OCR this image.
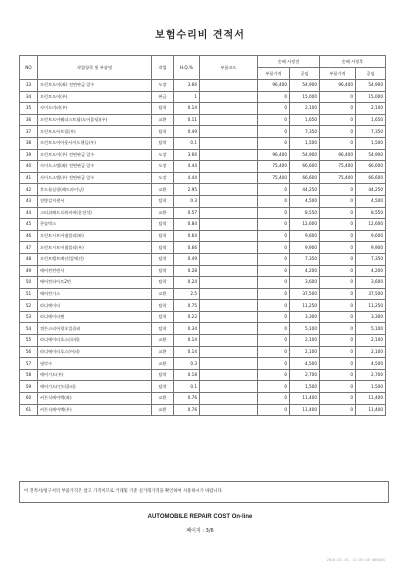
보험수리비 견적서
NO	작업항목 및 부품명	작업	H.Q.%	부품코드	손해 사정전		손해 사정후	
					부품가격	공임	부품가격	공임
33	프런트도어(좌) 전면판금 앞수	도장	3.66		96,400	54,900	96,400	54,900
34	프런트도어(우)	판금	1		0	15,000	0	15,000
35	사이드미러(우)	탈착	0.14		0	2,100	0	2,100
36	프런트도어웨더스트립(도어몰딩)(우)	교환	0.11		0	1,650	0	1,650
37	프런트도어트림(우)	탈착	0.49		0	7,350	0	7,350
38	프런트도어아웃사이드핸들(우)	탈착	0.1		0	1,500	0	1,500
39	프런트도어(우) 전면판금 앞수	도장	3.66		96,400	54,900	96,400	54,900
40	사이드스텝(좌) 전면판금 앞수	도장	4.44		75,400	66,600	75,400	66,600
41	사이드스텝(우) 전면판금 앞수	도장	4.44		75,400	66,600	75,400	66,600
42	후드틀실링(레드라이닝)	교환	2.95		0	44,250	0	44,250
43	전방감지센서	탈착	0.3		0	4,500	0	4,500
44	크러쉬패드로워커버(운전석)	교환	0.57		0	8,550	0	8,550
45	콘솔박스	탈착	0.84		0	12,600	0	12,600
46	프런트시트어셈블리(좌)	탈착	0.64		0	9,600	0	9,600
47	프런트시트어셈블리(우)	탈착	0.66		0	9,900	0	9,900
48	프런트벨트배선(앞에선)	탈착	0.49		0	7,350	0	7,350
49	에어컨컨덴서	탈착	0.28		0	4,200	0	4,200
50	에어컨파이프2번	탈착	0.24		0	3,600	0	3,600
51	에어컨가스	교환	2.5		0	37,500	0	37,500
52	라디에이터	탈착	0.75		0	11,250	0	11,250
53	라디에이터팬	탈착	0.22		0	3,300	0	3,300
54	쿼튼스티어링오일쿨러	탈착	0.34		0	5,100	0	5,100
55	라디에이터호스(로워)	교환	0.14		0	2,100	0	2,100
56	라디에이터호스(어퍼)	교환	0.14		0	2,100	0	2,100
57	냉각수	교환	0.3		0	4,500	0	4,500
58	에어가드(우)	탈착	0.18		0	2,700	0	2,700
59	에어가드(인터쿨러)	탈착	0.1		0	1,500	0	1,500
60	커튼식에어백(좌)	교환	0.76		0	11,400	0	11,400
61	커튼식에어백(우)	교환	0.76		0	11,400	0	11,400
이 견적서/청구서의 부품가격은 참고 가격이므로 거래및 기준 실거래가격을 확인하여 사용하시기 바랍니다.
AUTOMOBILE REPAIR COST On-line
페이지 : 3/6
2020-03-15, 11:05:30 0000AS
